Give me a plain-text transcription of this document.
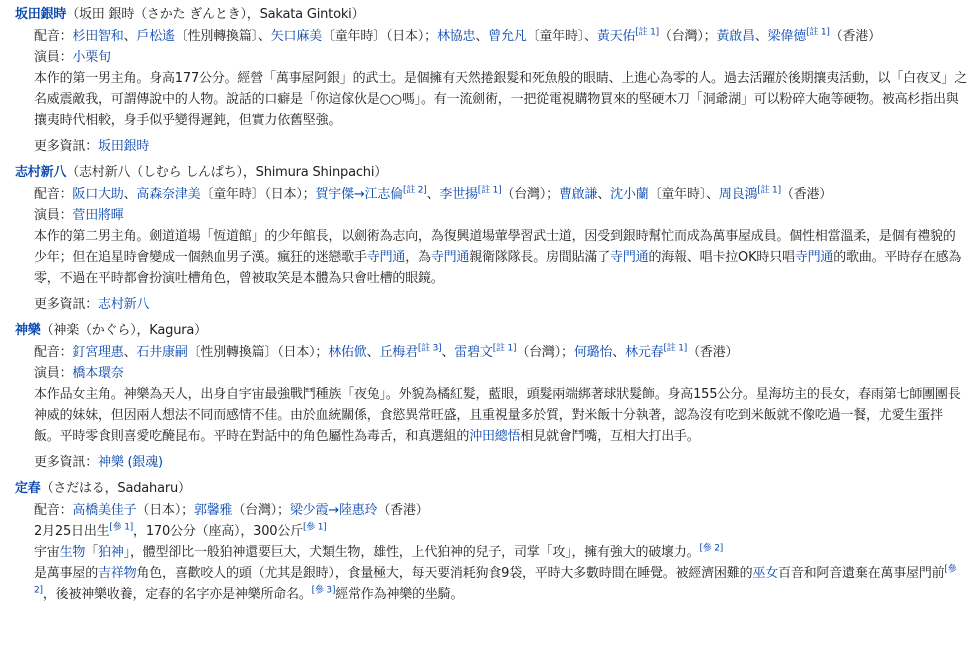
坂田銀時（坂田 銀時（さかた ぎんとき），Sakata Gintoki）
配音：杉田智和、戶松遙〔性別轉換篇〕、矢口麻美〔童年時〕（日本）；林協忠、曾允凡〔童年時〕、黃天佑[註 1]（台灣）；黃啟昌、梁偉德[註 1]（香港）
演員：小栗旬
本作的第一男主角。身高177公分。經營「萬事屋阿銀」的武士。是個擁有天然捲銀髮和死魚般的眼睛、上進心為零的人。過去活躍於後期攘夷活動，以「白夜叉」之名威震敵我，可謂傳說中的人物。說話的口癖是「你這傢伙是○○嗎」。有一流劍術，一把從電視購物買來的堅硬木刀「洞爺湖」可以粉碎大砲等硬物。被高杉指出與攘夷時代相較，身手似乎變得遲鈍，但實力依舊堅強。
更多資訊：坂田銀時
志村新八（志村新八（しむら しんぱち），Shimura Shinpachi）
配音：阪口大助、高森奈津美〔童年時〕（日本）；賀宇傑→江志倫[註 2]、李世揚[註 1]（台灣）；曹啟謙、沈小蘭〔童年時〕、周良鴻[註 1]（香港）
演員：菅田將暉
本作的第二男主角。劍道道場「恆道館」的少年館長，以劍術為志向，為復興道場葷學習武士道，因受到銀時幫忙而成為萬事屋成員。個性相當溫柔，是個有禮貌的少年；但在追星時會變成一個熱血男子漢。瘋狂的迷戀歌手寺門通，為寺門通親衛隊隊長。房間貼滿了寺門通的海報、唱卡拉OK時只唱寺門通的歌曲。平時存在感為零，不過在平時都會扮演吐槽角色，曾被取笑是本體為只會吐槽的眼鏡。
更多資訊：志村新八
神樂（神楽（かぐら），Kagura）
配音：釘宮理惠、石井康嗣〔性別轉換篇〕（日本）；林佑俽、丘梅君[註 3]、雷碧文[註 1]（台灣）；何璐怡、林元春[註 1]（香港）
演員：橋本環奈
本作品女主角。神樂為天人，出身自宇宙最強戰鬥種族「夜兔」。外貌為橘紅髮，藍眼，頭髮兩端綁著球狀髮飾。身高155公分。星海坊主的長女，春雨第七師團團長神威的妹妹，但因兩人想法不同而感情不佳。由於血統關係，食慾異常旺盛，且重視量多於質，對米飯十分執著，認為沒有吃到米飯就不像吃過一餐，尤愛生蛋拌飯。平時零食則喜愛吃醃昆布。平時在對話中的角色屬性為毒舌，和真選組的沖田總悟相見就會鬥嘴，互相大打出手。
更多資訊：神樂 (銀魂)
定春（さだはる，Sadaharu）
配音：高橋美佳子（日本）；郭馨雅（台灣）；梁少霞→陸惠玲（香港）
2月25日出生[參 1]，170公分（座高），300公斤[參 1]
宇宙生物「狛神」，體型卻比一般狛神還要巨大，犬類生物，雄性，上代狛神的兒子，司掌「攻」，擁有強大的破壞力。[參 2]
是萬事屋的吉祥物角色，喜歡咬人的頭（尤其是銀時），食量極大，每天要消耗狗食9袋，平時大多數時間在睡覺。被經濟困難的巫女百音和阿音遺棄在萬事屋門前[參 2]，後被神樂收養，定春的名字亦是神樂所命名。[參 3]經常作為神樂的坐騎。
